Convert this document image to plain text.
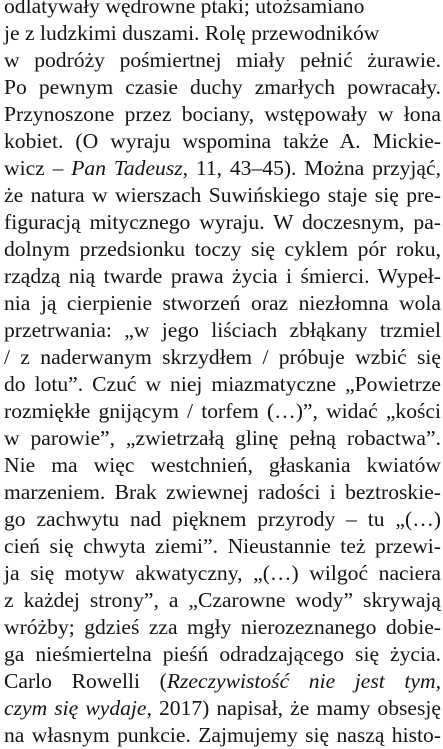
odlatywały wędrowne ptaki; utożsamiano
je z ludzkimi duszami. Rolę przewodników
w podróży pośmiertnej miały pełnić żurawie.
Po pewnym czasie duchy zmarłych powracały.
Przynoszone przez bociany, wstępowały w łona
kobiet. (O wyraju wspomina także A. Mickie-
wicz – Pan Tadeusz, 11, 43–45). Można przyjąć,
że natura w wierszach Suwińskiego staje się pre-
figuracją mitycznego wyraju. W doczesnym, pa-
dolnym przedsionku toczy się cyklem pór roku,
rządzą nią twarde prawa życia i śmierci. Wypeł-
nia ją cierpienie stworzeń oraz niezłomna wola
przetrwania: „w jego liściach zbłąkany trzmiel
/ z naderwanym skrzydłem / próbuje wzbić się
do lotu”. Czuć w niej miazmatyczne „Powietrze
rozmiękłe gnijącym / torfem (…)”, widać „kości
w parowie”, „zwietrzałą glinę pełną robactwa”.
Nie ma więc westchnień, głaskania kwiatów
marzeniem. Brak zwiewnej radości i beztroskie-
go zachwytu nad pięknem przyrody – tu „(…)
cień się chwyta ziemi”. Nieustannie też przewi-
ja się motyw akwatyczny, „(…) wilgoć naciera
z każdej strony”, a „Czarowne wody” skrywają
wróżby; gdzieś zza mgły nierozeznanego dobie-
ga nieśmiertelna pieśń odradzającego się życia.
Carlo Rowelli (Rzeczywistość nie jest tym,
czym się wydaje, 2017) napisał, że mamy obsesję
na własnym punkcie. Zajmujemy się naszą histo-
